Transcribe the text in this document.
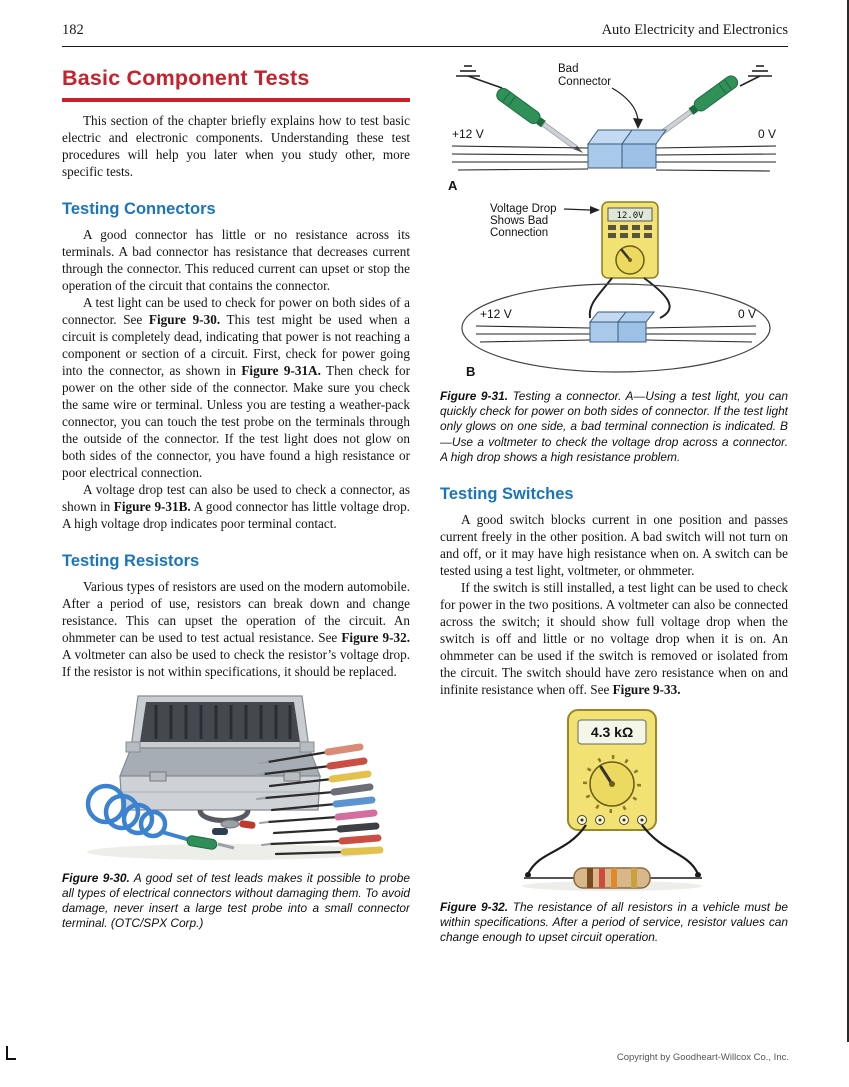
182	Auto Electricity and Electronics
Basic Component Tests

This section of the chapter briefly explains how to test basic electric and electronic components. Understanding these test procedures will help you later when you study other, more specific tests.

Testing Connectors

A good connector has little or no resistance across its terminals. A bad connector has resistance that decreases current through the connector. This reduced current can upset or stop the operation of the circuit that contains the connector.

A test light can be used to check for power on both sides of a connector. See Figure 9-30. This test might be used when a circuit is completely dead, indicating that power is not reaching a component or section of a circuit. First, check for power going into the connector, as shown in Figure 9-31A. Then check for power on the other side of the connector. Make sure you check the same wire or terminal. Unless you are testing a weather-pack connector, you can touch the test probe on the terminals through the outside of the connector. If the test light does not glow on both sides of the connector, you have found a high resistance or poor electrical connection.

A voltage drop test can also be used to check a connector, as shown in Figure 9-31B. A good connector has little voltage drop. A high voltage drop indicates poor terminal contact.

Testing Resistors

Various types of resistors are used on the modern automobile. After a period of use, resistors can break down and change resistance. This can upset the operation of the circuit. An ohmmeter can be used to test actual resistance. See Figure 9-32. A voltmeter can also be used to check the resistor’s voltage drop. If the resistor is not within specifications, it should be replaced.

Figure 9-30. A good set of test leads makes it possible to probe all types of electrical connectors without damaging them. To avoid damage, never insert a large test probe into a small connector terminal. (OTC/SPX Corp.)
Bad
Connector
+12 V	0 V
A
Voltage Drop
Shows Bad
Connection
12.0V
+12 V	0 V
B
Figure 9-31. Testing a connector. A—Using a test light, you can quickly check for power on both sides of connector. If the test light only glows on one side, a bad terminal connection is indicated. B—Use a voltmeter to check the voltage drop across a connector. A high drop shows a high resistance problem.
Testing Switches

A good switch blocks current in one position and passes current freely in the other position. A bad switch will not turn on and off, or it may have high resistance when on. A switch can be tested using a test light, voltmeter, or ohmmeter.

If the switch is still installed, a test light can be used to check for power in the two positions. A voltmeter can also be connected across the switch; it should show full voltage drop when the switch is off and little or no voltage drop when it is on. An ohmmeter can be used if the switch is removed or isolated from the circuit. The switch should have zero resistance when on and infinite resistance when off. See Figure 9-33.

4.3 kΩ
Figure 9-32. The resistance of all resistors in a vehicle must be within specifications. After a period of service, resistor values can change enough to upset circuit operation.
Copyright by Goodheart-Willcox Co., Inc.
